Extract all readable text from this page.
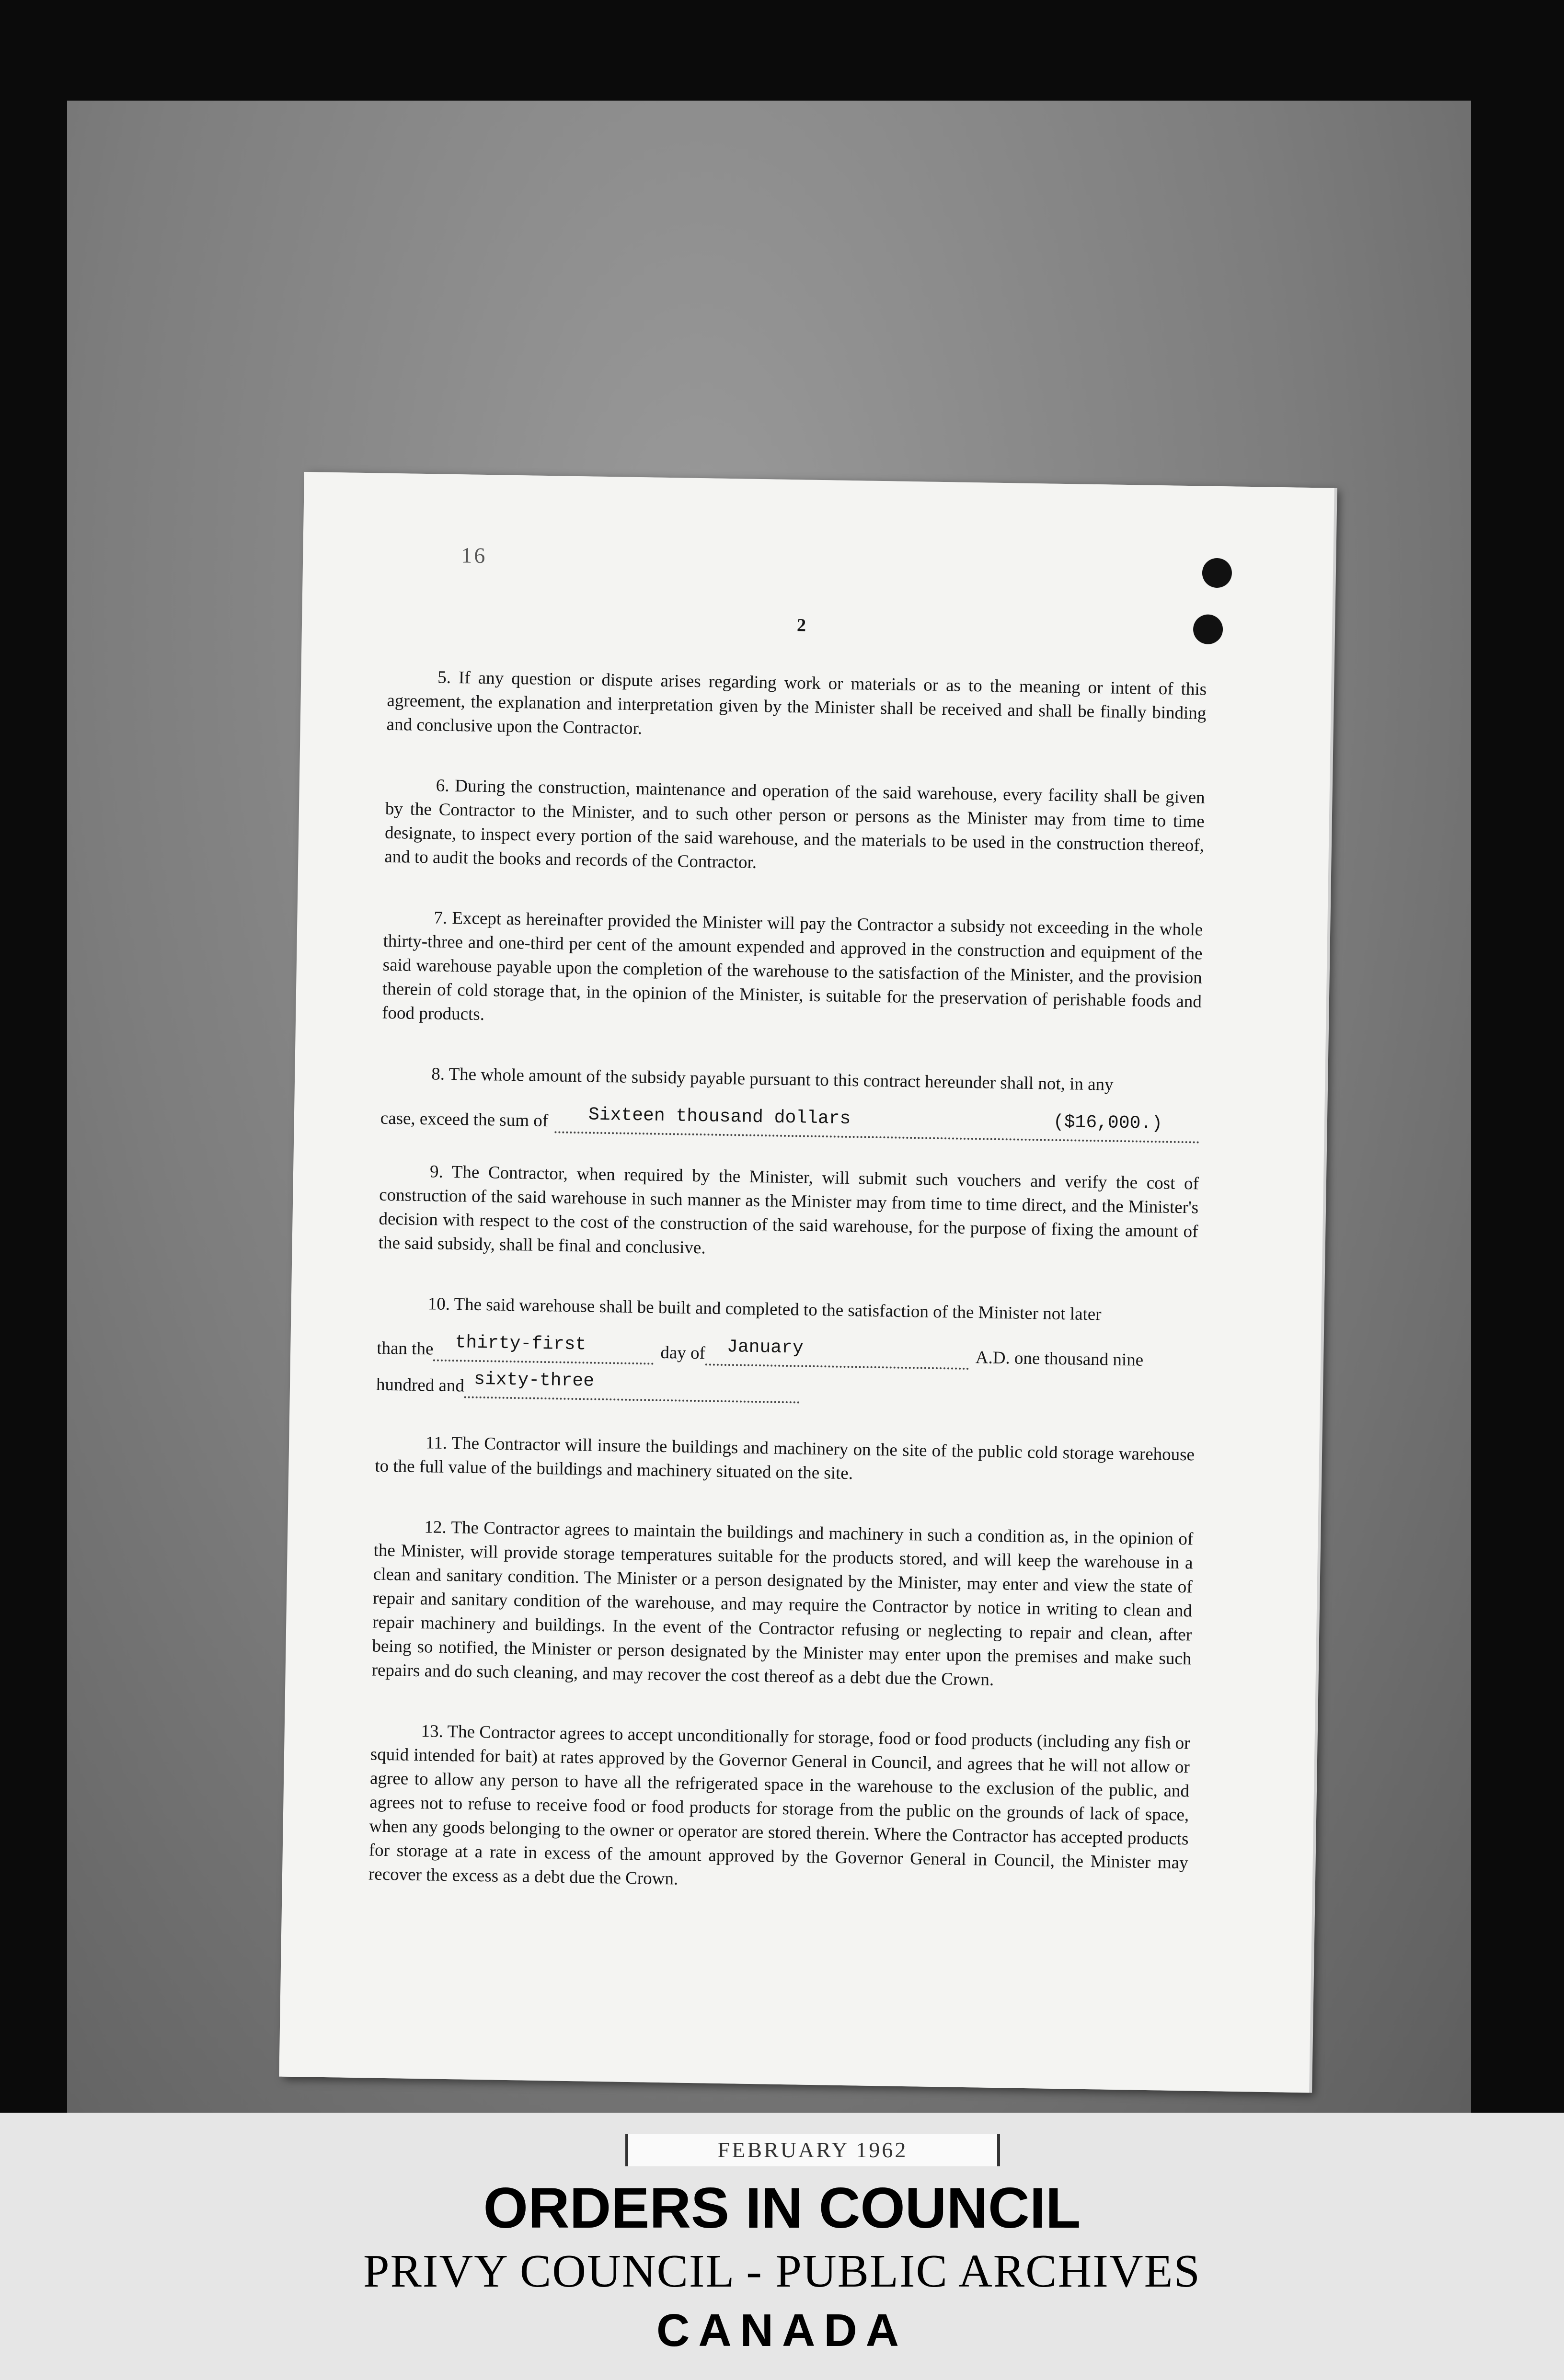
16
2

5. If any question or dispute arises regarding work or materials or as to the meaning or intent of this agreement, the explanation and interpretation given by the Minister shall be received and shall be finally binding and conclusive upon the Contractor.

6. During the construction, maintenance and operation of the said warehouse, every facility shall be given by the Contractor to the Minister, and to such other person or persons as the Minister may from time to time designate, to inspect every portion of the said warehouse, and the materials to be used in the construction thereof, and to audit the books and records of the Contractor.

7. Except as hereinafter provided the Minister will pay the Contractor a subsidy not exceeding in the whole thirty-three and one-third per cent of the amount expended and approved in the construction and equipment of the said warehouse payable upon the completion of the warehouse to the satisfaction of the Minister, and the provision therein of cold storage that, in the opinion of the Minister, is suitable for the preservation of perishable foods and food products.

8. The whole amount of the subsidy payable pursuant to this contract hereunder shall not, in any
case, exceed the sum of Sixteen thousand dollars	($16,000.)

9. The Contractor, when required by the Minister, will submit such vouchers and verify the cost of construction of the said warehouse in such manner as the Minister may from time to time direct, and the Minister's decision with respect to the cost of the construction of the said warehouse, for the purpose of fixing the amount of the said subsidy, shall be final and conclusive.

10. The said warehouse shall be built and completed to the satisfaction of the Minister not later
than the thirty-first	day of January
A.D. one thousand nine
hundred and sixty-three

11. The Contractor will insure the buildings and machinery on the site of the public cold storage warehouse to the full value of the buildings and machinery situated on the site.

12. The Contractor agrees to maintain the buildings and machinery in such a condition as, in the opinion of the Minister, will provide storage temperatures suitable for the products stored, and will keep the warehouse in a clean and sanitary condition. The Minister or a person designated by the Minister, may enter and view the state of repair and sanitary condition of the warehouse, and may require the Contractor by notice in writing to clean and repair machinery and buildings. In the event of the Contractor refusing or neglecting to repair and clean, after being so notified, the Minister or person designated by the Minister may enter upon the premises and make such repairs and do such cleaning, and may recover the cost thereof as a debt due the Crown.

13. The Contractor agrees to accept unconditionally for storage, food or food products (including any fish or squid intended for bait) at rates approved by the Governor General in Council, and agrees that he will not allow or agree to allow any person to have all the refrigerated space in the warehouse to the exclusion of the public, and agrees not to refuse to receive food or food products for storage from the public on the grounds of lack of space, when any goods belonging to the owner or operator are stored therein. Where the Contractor has accepted products for storage at a rate in excess of the amount approved by the Governor General in Council, the Minister may recover the excess as a debt due the Crown.

FEBRUARY 1962
ORDERS IN COUNCIL
PRIVY COUNCIL - PUBLIC ARCHIVES
CANADA
